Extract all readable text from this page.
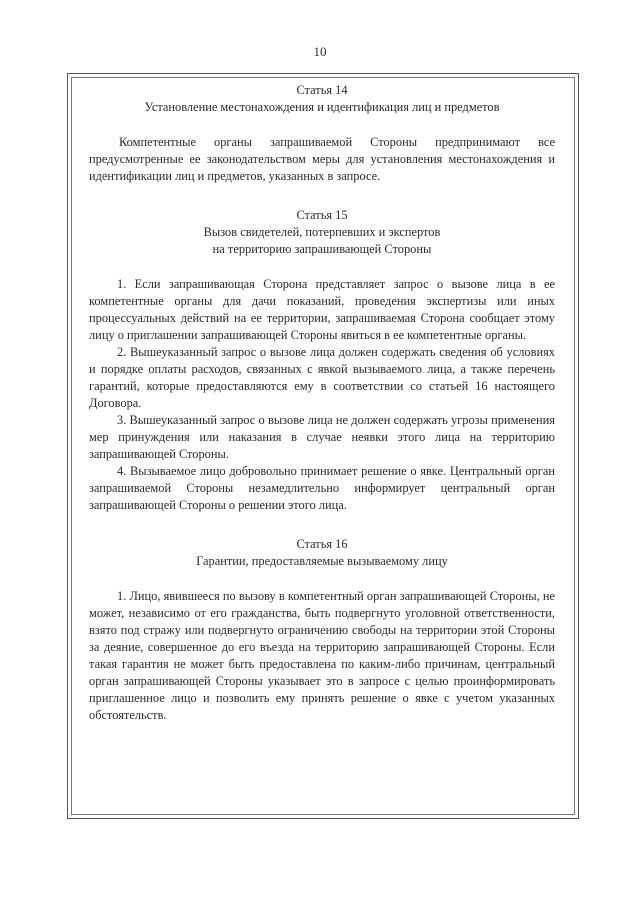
10

Статья 14

Установление местонахождения и идентификация лиц и предметов

Компетентные органы запрашиваемой Стороны предпринимают все предусмотренные ее законодательством меры для установления местонахождения и идентификации лиц и предметов, указанных в запросе.

Статья 15

Вызов свидетелей, потерпевших и экспертов

на территорию запрашивающей Стороны

1. Если запрашивающая Сторона представляет запрос о вызове лица в ее компетентные органы для дачи показаний, проведения экспертизы или иных процессуальных действий на ее территории, запрашиваемая Сторона сообщает этому лицу о приглашении запрашивающей Стороны явиться в ее компетентные органы.

2. Вышеуказанный запрос о вызове лица должен содержать сведения об условиях и порядке оплаты расходов, связанных с явкой вызываемого лица, а также перечень гарантий, которые предоставляются ему в соответствии со статьей 16 настоящего Договора.

3. Вышеуказанный запрос о вызове лица не должен содержать угрозы применения мер принуждения или наказания в случае неявки этого лица на территорию запрашивающей Стороны.

4. Вызываемое лицо добровольно принимает решение о явке. Центральный орган запрашиваемой Стороны незамедлительно информирует центральный орган запрашивающей Стороны о решении этого лица.

Статья 16

Гарантии, предоставляемые вызываемому лицу

1. Лицо, явившееся по вызову в компетентный орган запрашивающей Стороны, не может, независимо от его гражданства, быть подвергнуто уголовной ответственности, взято под стражу или подвергнуто ограничению свободы на территории этой Стороны за деяние, совершенное до его въезда на территорию запрашивающей Стороны. Если такая гарантия не может быть предоставлена по каким-либо причинам, центральный орган запрашивающей Стороны указывает это в запросе с целью проинформировать приглашенное лицо и позволить ему принять решение о явке с учетом указанных обстоятельств.
